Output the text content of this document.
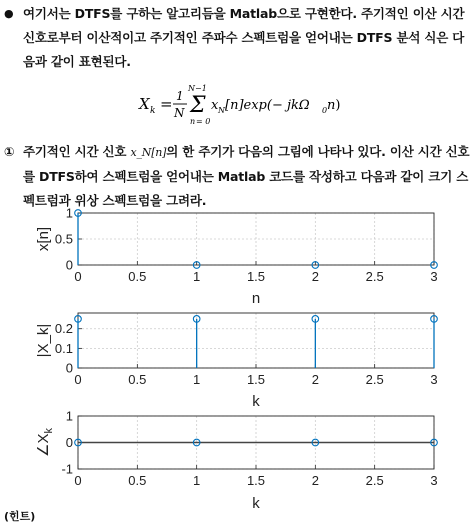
● 여기서는 DTFS를 구하는 알고리듬을 Matlab으로 구현한다. 주기적인 이산 시간 신호로부터 이산적이고 주기적인 주파수 스펙트럼을 얻어내는 DTFS 분석 식은 다음과 같이 표현된다.
X k = 1
N
N −1
Σ
n = 0
x N [n]exp(− jkΩ 0 n)
① 주기적인 시간 신호 x_N[n]의 한 주기가 다음의 그림에 나타나 있다. 이산 시간 신호를 DTFS하여 스펙트럼을 얻어내는 Matlab 코드를 작성하고 다음과 같이 크기 스펙트럼과 위상 스펙트럼을 그려라.
0	0.5	1	1.5	2	2.5	3
0
0.5
1
n
x[n]
0	0.5	1	1.5	2	2.5	3
0
0.1
0.2
k
|X_k|
0	0.5	1	1.5	2	2.5	3
-1
0
1
k
$\angle X_k$
(힌트)
